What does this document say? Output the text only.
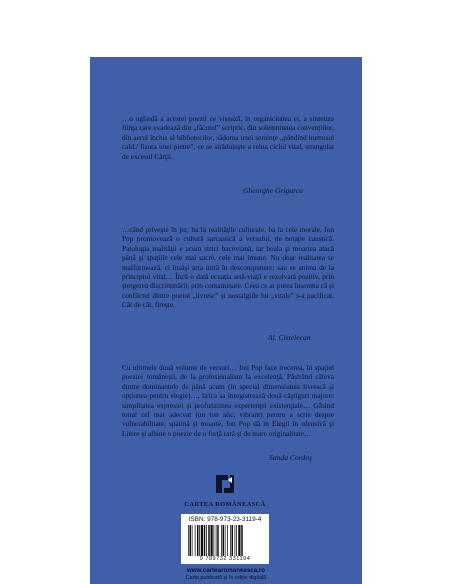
…o oglindă a acestei poezii ce visează, în organicitatea ei, a sintetiza ființa care evadează din „făcutul” scriptic, din solemnitatea convențiilor, din aerul închis al bibliotecilor, sădoma unei seminţe „pândind humusul cald,/ fisura unei pietre”, ce se străduieşte a reluа ciclul vital, strangulat de excesul Cărţii.

Gheorghe Grigurcu

…când priveşte în jur, ba la realităţile culturale, ba la cele morale, Ion Pop promovează o cultură sarcastică a versului, de notaţie caustică. Patologia realităţii e acum strict bacoviană, iar boala şi moartea atacă până şi spaţiile cele mai sacre, cele mai imune. Nu doar realitatea se malformează, ci însăşi arta intră în descompunere; sau se anima de la principiul vital… Încă o dată ecuaţia artă-viaţă e rezolvată pozitiv, prin ştergerea discriminării, prin contaminare. Ceea ce ar putea însemna că şi conflictul dintre poetul „livresc” şi nostalgiile lui „vitale” s-a pacificat. Cât de cât, fireşte.

Al. Cistelecan

Cu ultimele două volume de versuri… Ion Pop face trecerea, în spaţiul poeziei româneşti, de la profesionalism la excelenţă. Păstrând câteva dintre dominantele de până acum (în special dimensiunea livrescă şi opţiunea pentru elegie)…, lirica sa înregistrează două câştiguri majore: simplitatea expresiei şi profunzimea experienţei existenţiale… Găsind tonul cel mai adecvat (un ton atic, vibrant) pentru a scrie despre vulnerabilitate, spaimă şi moarte, Ion Pop dă în Elegii în ofensivă şi Litere şi albine o poezie de o forţă rară şi de mare originalitate…

Sanda Cordoş
CARTEA ROMÂNEASCĂ
ISBN: 978-973-23-3119-4
9 789732 331194
www.cartearomaneasca.ro
Carte publicată şi în ediţie digitală
